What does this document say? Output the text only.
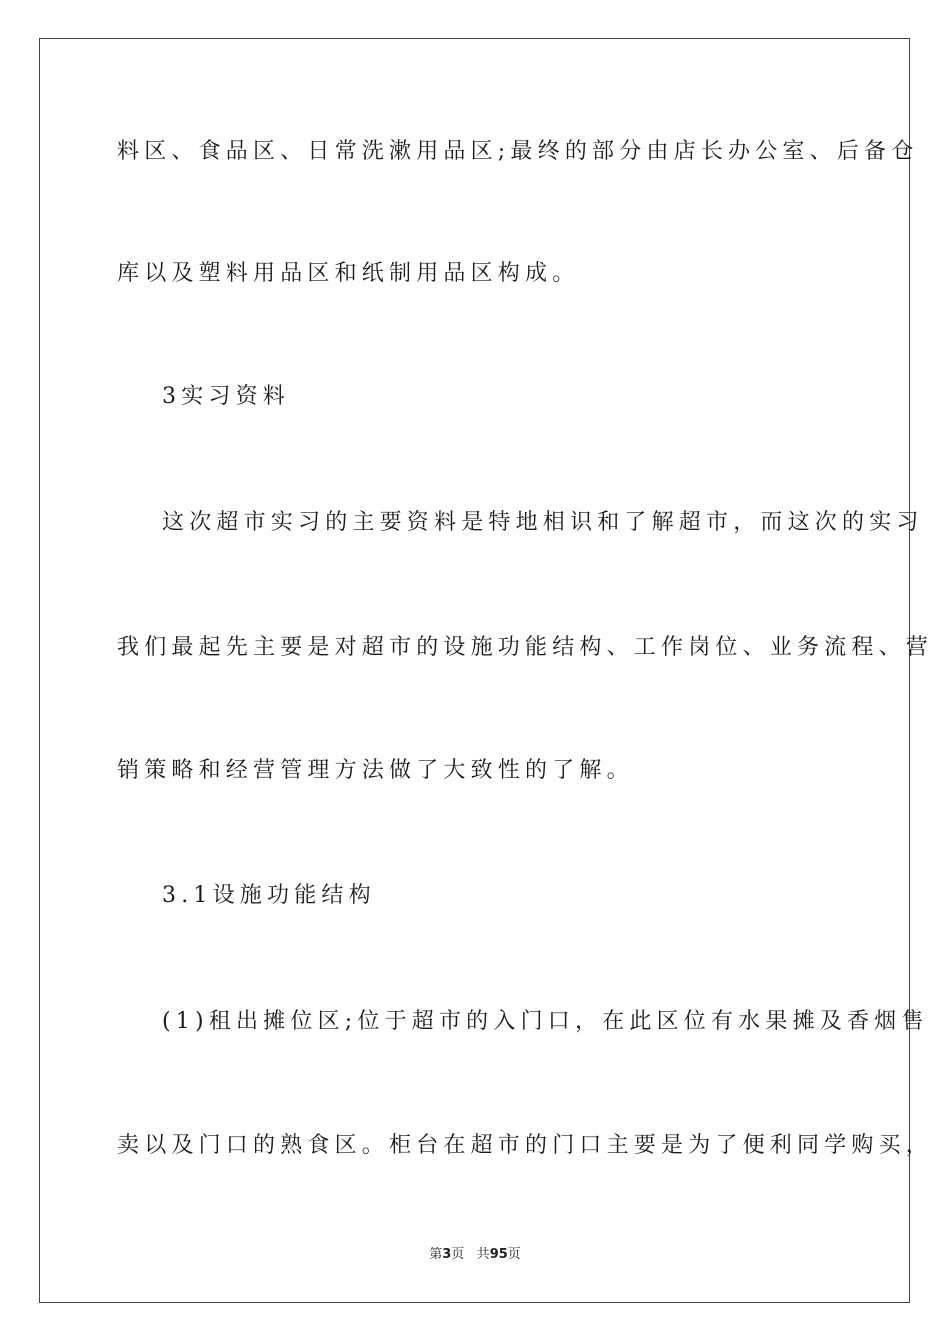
料区、食品区、日常洗漱用品区;最终的部分由店长办公室、后备仓
库以及塑料用品区和纸制用品区构成。
3实习资料
这次超市实习的主要资料是特地相识和了解超市，而这次的实习
我们最起先主要是对超市的设施功能结构、工作岗位、业务流程、营
销策略和经营管理方法做了大致性的了解。
3.1设施功能结构
(1)租出摊位区;位于超市的入门口，在此区位有水果摊及香烟售
卖以及门口的熟食区。柜台在超市的门口主要是为了便利同学购买，
第3页 共95页
